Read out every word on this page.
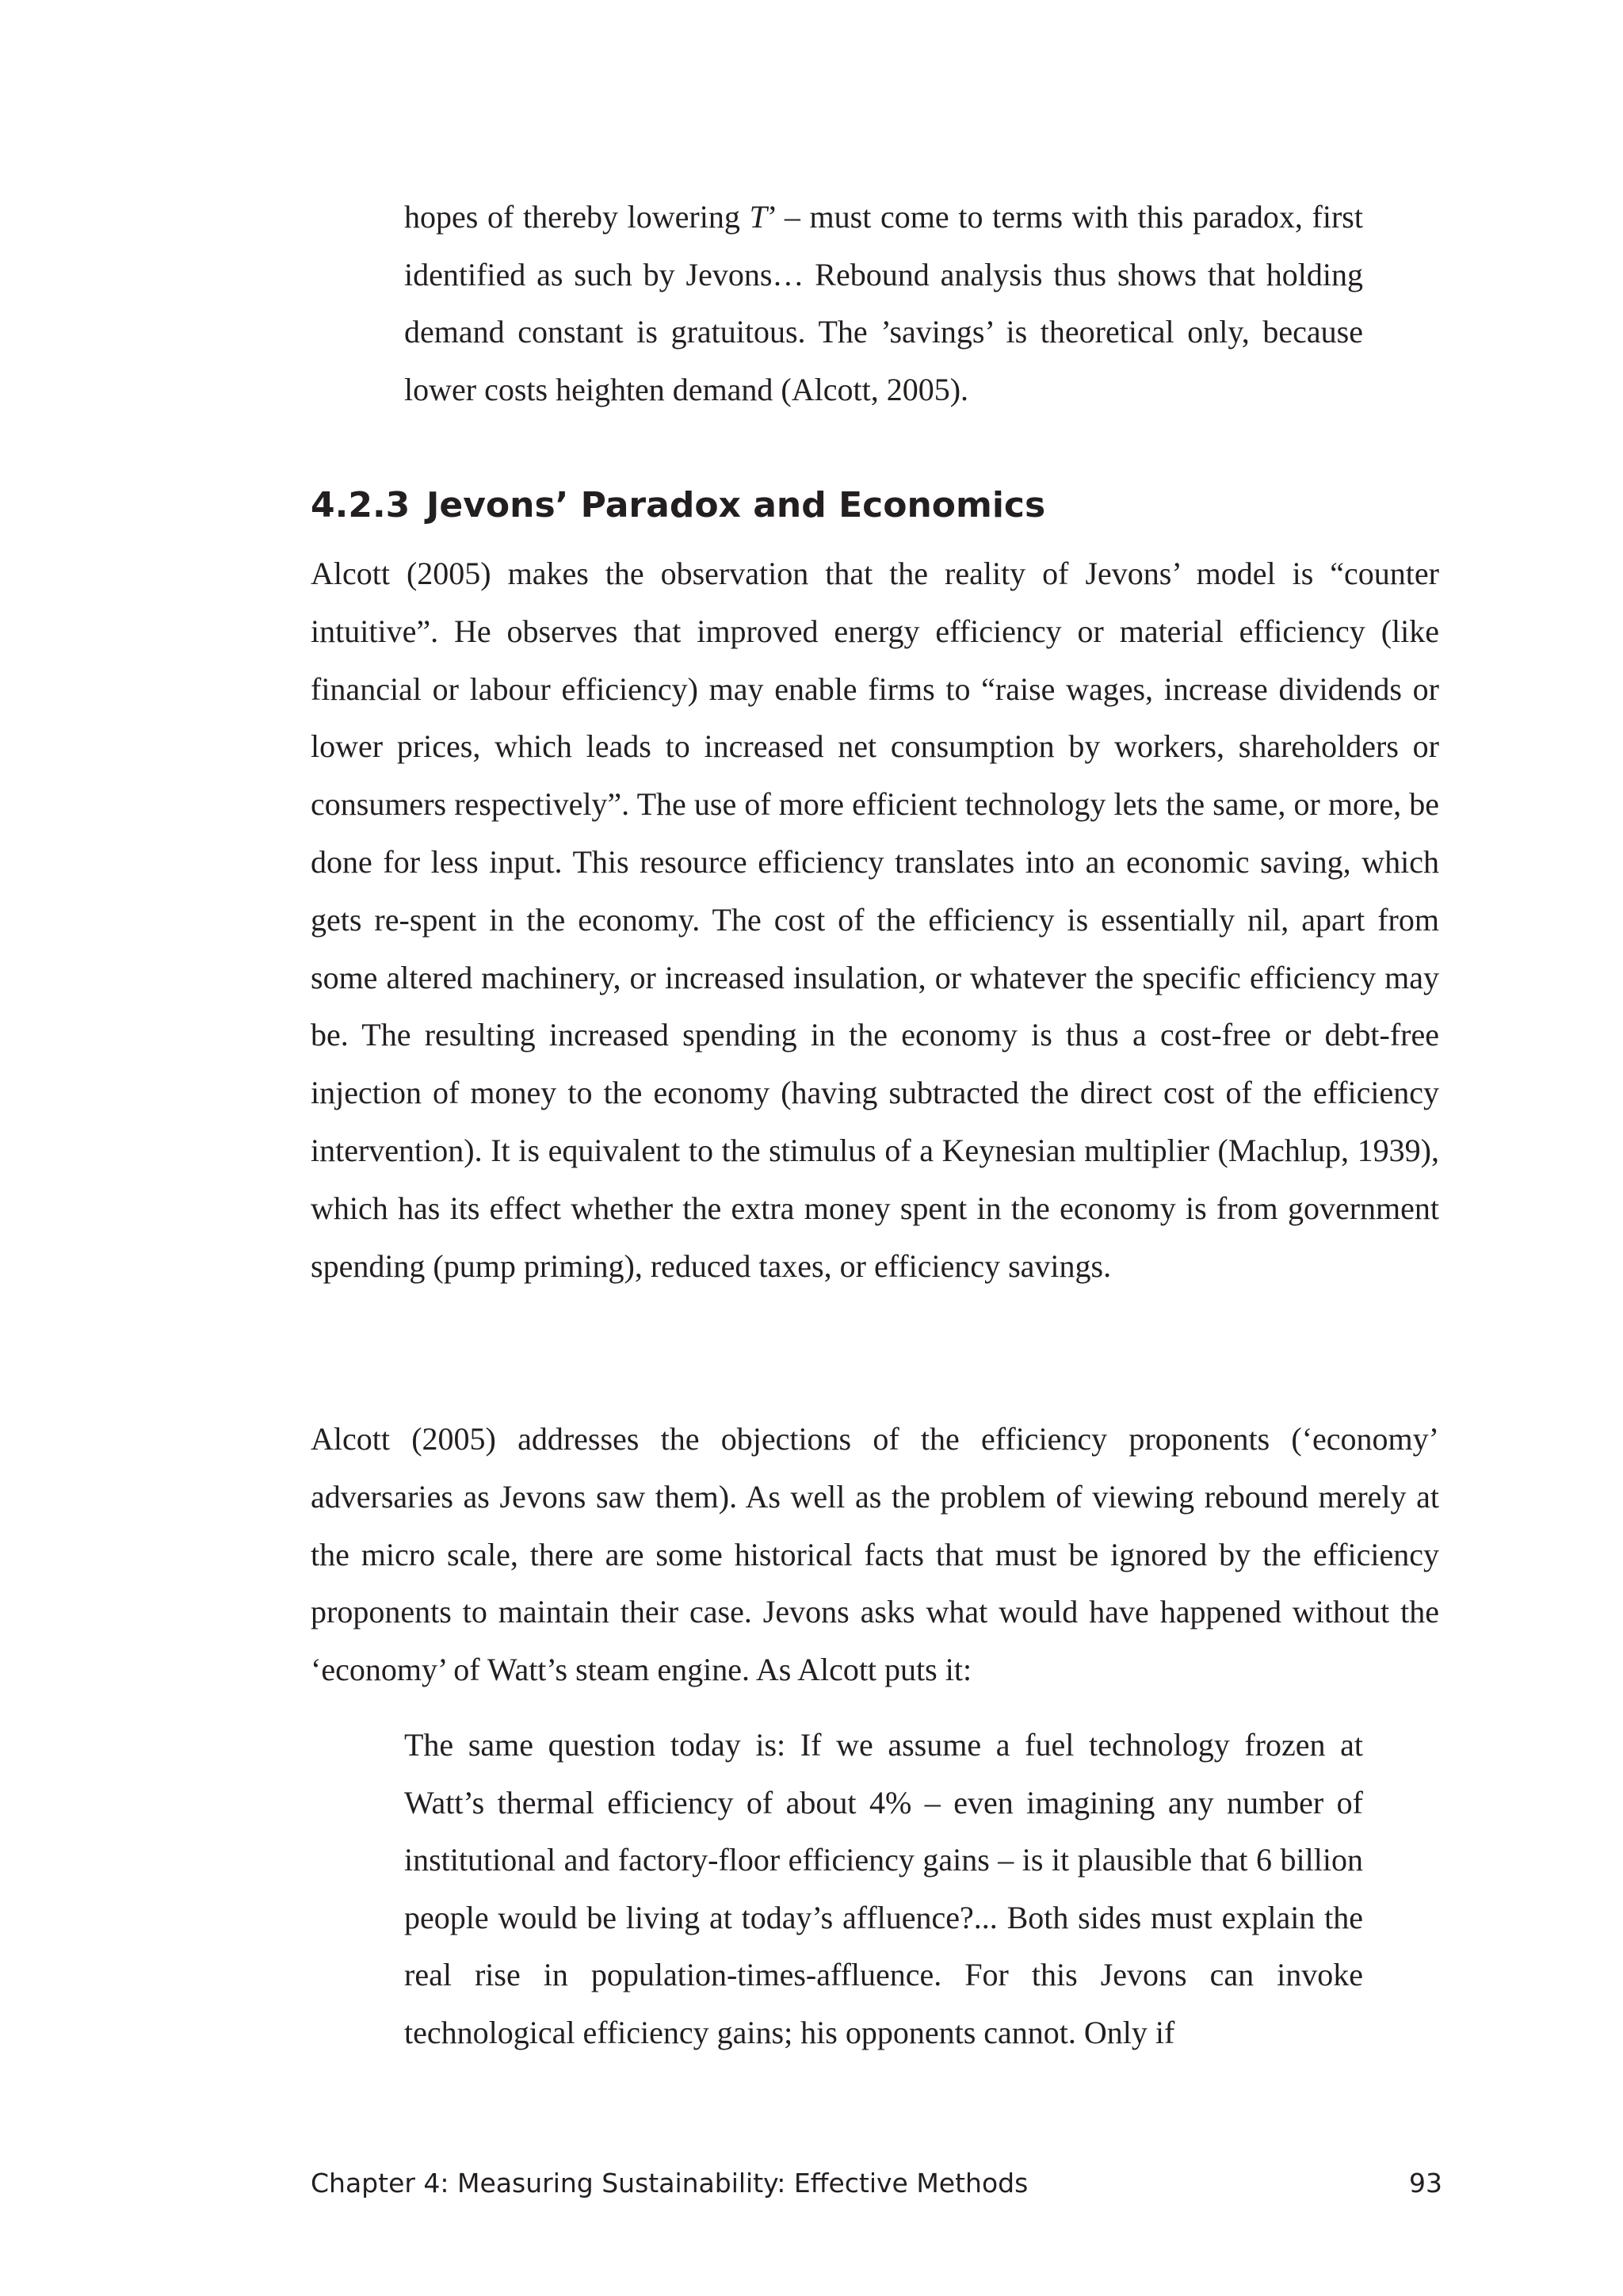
hopes of thereby lowering T’ – must come to terms with this paradox, first identified as such by Jevons… Rebound analysis thus shows that holding demand constant is gratuitous. The ’savings’ is theoretical only, because lower costs heighten demand (Alcott, 2005).

4.2.3 Jevons’ Paradox and Economics

Alcott (2005) makes the observation that the reality of Jevons’ model is “counter intuitive”. He observes that improved energy efficiency or material efficiency (like financial or labour efficiency) may enable firms to “raise wages, increase dividends or lower prices, which leads to increased net consumption by workers, shareholders or consumers respectively”. The use of more efficient technology lets the same, or more, be done for less input. This resource efficiency translates into an economic saving, which gets re-spent in the economy. The cost of the efficiency is essentially nil, apart from some altered machinery, or increased insulation, or whatever the specific efficiency may be. The resulting increased spending in the economy is thus a cost-free or debt-free injection of money to the economy (having subtracted the direct cost of the efficiency intervention). It is equivalent to the stimulus of a Keynesian multiplier (Machlup, 1939), which has its effect whether the extra money spent in the economy is from government spending (pump priming), reduced taxes, or efficiency savings.

Alcott (2005) addresses the objections of the efficiency proponents (‘economy’ adversaries as Jevons saw them). As well as the problem of viewing rebound merely at the micro scale, there are some historical facts that must be ignored by the efficiency proponents to maintain their case. Jevons asks what would have happened without the ‘economy’ of Watt’s steam engine. As Alcott puts it:

The same question today is: If we assume a fuel technology frozen at Watt’s thermal efficiency of about 4% – even imagining any number of institutional and factory-floor efficiency gains – is it plausible that 6 billion people would be living at today’s affluence?... Both sides must explain the real rise in population-times-affluence. For this Jevons can invoke technological efficiency gains; his opponents cannot. Only if

Chapter 4: Measuring Sustainability: Effective Methods	93
